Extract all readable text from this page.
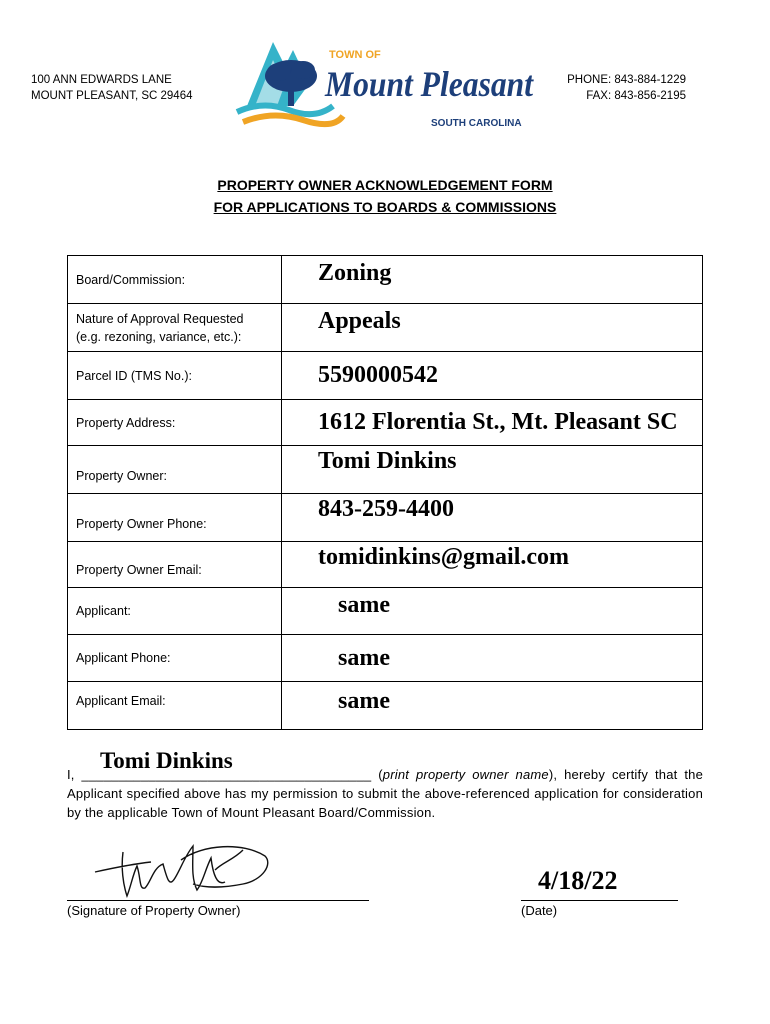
100 ANN EDWARDS LANE
MOUNT PLEASANT, SC 29464
TOWN OF
Mount Pleasant
SOUTH CAROLINA
PHONE: 843-884-1229
FAX: 843-856-2195
PROPERTY OWNER ACKNOWLEDGEMENT FORM
FOR APPLICATIONS TO BOARDS & COMMISSIONS
Board/Commission:	Zoning

Nature of Approval Requested
(e.g. rezoning, variance, etc.):	Appeals
Parcel ID (TMS No.):	5590000542
Property Address:	1612 Florentia St., Mt. Pleasant SC
Property Owner:	Tomi Dinkins
Property Owner Phone:	843-259-4400
Property Owner Email:	tomidinkins@gmail.com
Applicant:	same
Applicant Phone:	same
Applicant Email:	same
Tomi Dinkins

I, _______________________________________ (print property owner name), hereby certify that the Applicant specified above has my permission to submit the above-referenced application for consideration by the applicable Town of Mount Pleasant Board/Commission.

(Signature of Property Owner)
4/18/22
(Date)
